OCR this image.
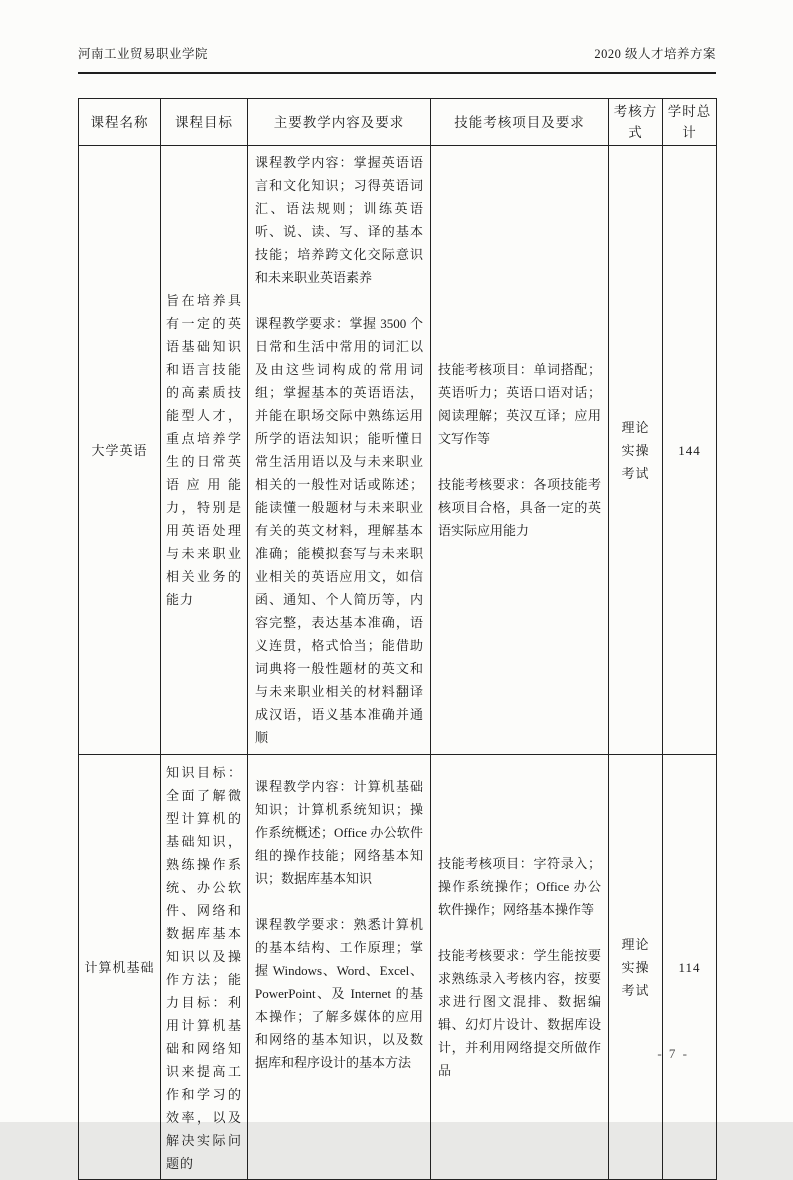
河南工业贸易职业学院	2020 级人才培养方案
课程名称	课程目标	主要教学内容及要求	技能考核项目及要求	考核方式	学时总计
大学英语	旨在培养具有一定的英语基础知识和语言技能的高素质技能型人才，重点培养学生的日常英语应用能力，特别是用英语处理与未来职业相关业务的能力	
课程教学内容：掌握英语语言和文化知识；习得英语词汇、语法规则；训练英语听、说、读、写、译的基本技能；培养跨文化交际意识和未来职业英语素养
课程教学要求：掌握 3500 个日常和生活中常用的词汇以及由这些词构成的常用词组；掌握基本的英语语法，并能在职场交际中熟练运用所学的语法知识；能听懂日常生活用语以及与未来职业相关的一般性对话或陈述；能读懂一般题材与未来职业有关的英文材料，理解基本准确；能模拟套写与未来职业相关的英语应用文，如信函、通知、个人简历等，内容完整，表达基本准确，语义连贯，格式恰当；能借助词典将一般性题材的英文和与未来职业相关的材料翻译成汉语，语义基本准确并通顺

技能考核项目：单词搭配；英语听力；英语口语对话；阅读理解；英汉互译；应用文写作等
技能考核要求：各项技能考核项目合格，具备一定的英语实际应用能力
	理论实操考试	144
计算机基础	知识目标：全面了解微型计算机的基础知识，熟练操作系统、办公软件、网络和数据库基本知识以及操作方法；能力目标：利用计算机基础和网络知识来提高工作和学习的效率，以及解决实际问题的	
课程教学内容：计算机基础知识；计算机系统知识；操作系统概述；Office 办公软件组的操作技能；网络基本知识；数据库基本知识
课程教学要求：熟悉计算机的基本结构、工作原理；掌握 Windows、Word、Excel、PowerPoint、及 Internet 的基本操作；了解多媒体的应用和网络的基本知识，以及数据库和程序设计的基本方法

技能考核项目：字符录入；操作系统操作；Office 办公软件操作；网络基本操作等
技能考核要求：学生能按要求熟练录入考核内容，按要求进行图文混排、数据编辑、幻灯片设计、数据库设计，并利用网络提交所做作品
	理论实操考试	114
- 7 -
